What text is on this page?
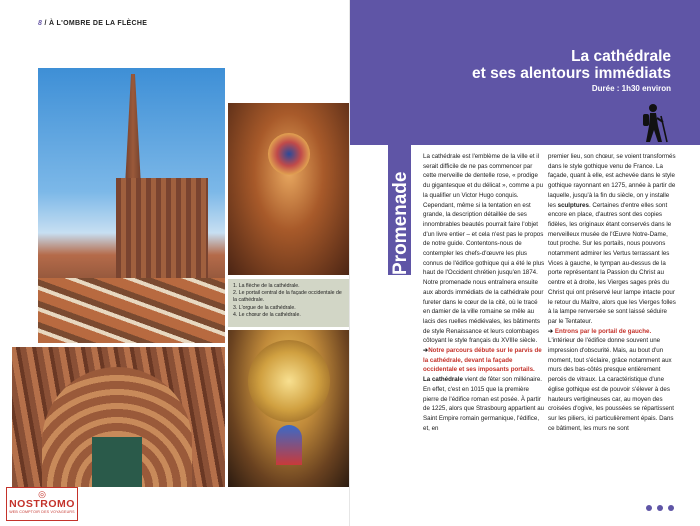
8 / À L'OMBRE DE LA FLÈCHE

1. La flèche de la cathédrale.

2. Le portail central de la façade occidentale de la cathédrale.

3. L'orgue de la cathédrale.

4. Le chœur de la cathédrale.

◎
NOSTROMO
WEB COMPTOIR DES VOYAGEURS
La cathédrale
et ses alentours immédiats
Durée : 1h30 environ
Promenade

La cathédrale est l'emblème de la ville et il serait difficile de ne pas commencer par cette merveille de dentelle rose, « prodige du gigantesque et du délicat », comme a pu la qualifier un Victor Hugo conquis. Cependant, même si la tentation en est grande, la description détaillée de ses innombrables beautés pourrait faire l'objet d'un livre entier – et cela n'est pas le propos de notre guide. Contentons-nous de contempler les chefs-d'œuvre les plus connus de l'édifice gothique qui a été le plus haut de l'Occident chrétien jusqu'en 1874.

Notre promenade nous entraînera ensuite aux abords immédiats de la cathédrale pour fureter dans le cœur de la cité, où le tracé en damier de la ville romaine se mêle au lacis des ruelles médiévales, les bâtiments de style Renaissance et leurs colombages côtoyant le style français du XVIIIe siècle.

➔Notre parcours débute sur le parvis de la cathédrale, devant la façade occidentale et ses imposants portails.

La cathédrale vient de fêter son millénaire. En effet, c'est en 1015 que la première pierre de l'édifice roman est posée. À partir de 1225, alors que Strasbourg appartient au Saint Empire romain germanique, l'édifice, et, en

premier lieu, son chœur, se voient transformés dans le style gothique venu de France. La façade, quant à elle, est achevée dans le style gothique rayonnant en 1275, année à partir de laquelle, jusqu'à la fin du siècle, on y installe les sculptures. Certaines d'entre elles sont encore en place, d'autres sont des copies fidèles, les originaux étant conservés dans le merveilleux musée de l'Œuvre Notre-Dame, tout proche. Sur les portails, nous pouvons notamment admirer les Vertus terrassant les Vices à gauche, le tympan au-dessus de la porte représentant la Passion du Christ au centre et à droite, les Vierges sages près du Christ qui ont préservé leur lampe intacte pour le retour du Maître, alors que les Vierges folles à la lampe renversée se sont laissé séduire par le Tentateur.

➔ Entrons par le portail de gauche.

L'intérieur de l'édifice donne souvent une impression d'obscurité. Mais, au bout d'un moment, tout s'éclaire, grâce notamment aux murs des bas-côtés presque entièrement percés de vitraux. La caractéristique d'une église gothique est de pouvoir s'élever à des hauteurs vertigineuses car, au moyen des croisées d'ogive, les poussées se répartissent sur les piliers, ici particulièrement épais. Dans ce bâtiment, les murs ne sont
